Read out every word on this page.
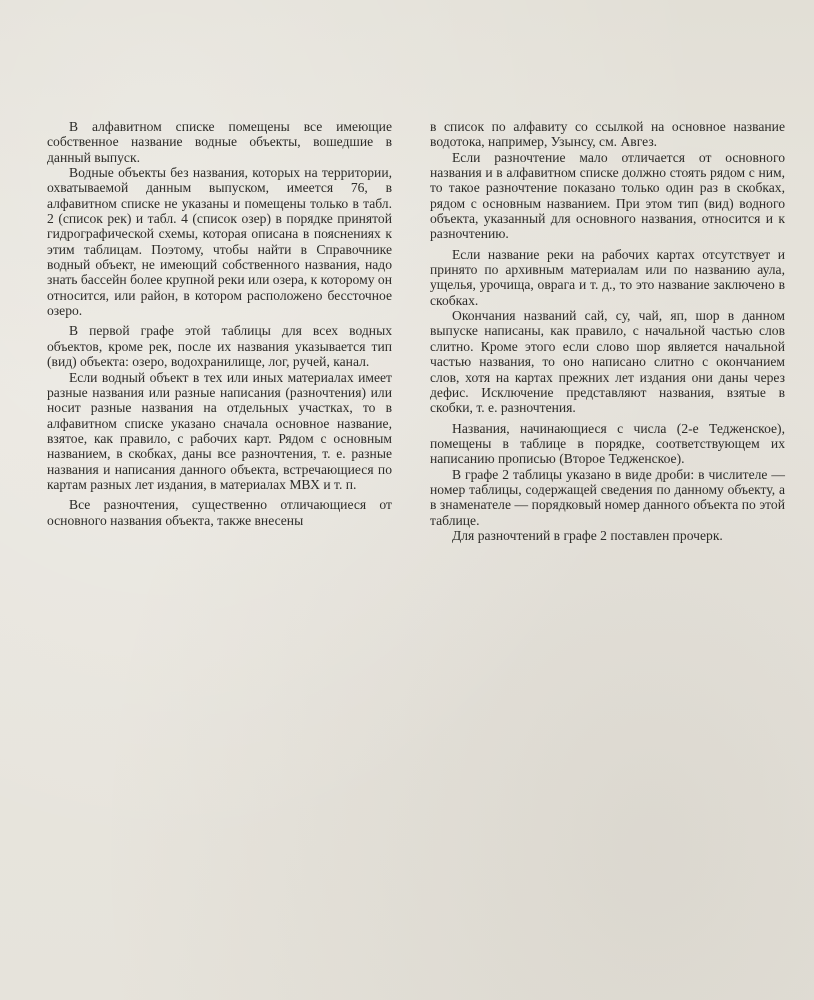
В алфавитном списке помещены все имеющие собственное название водные объекты, вошедшие в данный выпуск.

Водные объекты без названия, которых на территории, охватываемой данным выпуском, имеется 76, в алфавитном списке не указаны и помещены только в табл. 2 (список рек) и табл. 4 (список озер) в порядке принятой гидрографической схемы, которая описана в пояснениях к этим таблицам. Поэтому, чтобы найти в Справочнике водный объект, не имеющий собственного названия, надо знать бассейн более крупной реки или озера, к которому он относится, или район, в котором расположено бессточное озеро.

В первой графе этой таблицы для всех водных объектов, кроме рек, после их названия указывается тип (вид) объекта: озеро, водохранилище, лог, ручей, канал.

Если водный объект в тех или иных материалах имеет разные названия или разные написания (разночтения) или носит разные названия на отдельных участках, то в алфавитном списке указано сначала основное название, взятое, как правило, с рабочих карт. Рядом с основным названием, в скобках, даны все разночтения, т. е. разные названия и написания данного объекта, встречающиеся по картам разных лет издания, в материалах МВХ и т. п.

Все разночтения, существенно отличающиеся от основного названия объекта, также внесены

в список по алфавиту со ссылкой на основное название водотока, например, Узынсу, см. Авгез.

Если разночтение мало отличается от основного названия и в алфавитном списке должно стоять рядом с ним, то такое разночтение показано только один раз в скобках, рядом с основным названием. При этом тип (вид) водного объекта, указанный для основного названия, относится и к разночтению.

Если название реки на рабочих картах отсутствует и принято по архивным материалам или по названию аула, ущелья, урочища, оврага и т. д., то это название заключено в скобках.

Окончания названий сай, су, чай, яп, шор в данном выпуске написаны, как правило, с начальной частью слов слитно. Кроме этого если слово шор является начальной частью названия, то оно написано слитно с окончанием слов, хотя на картах прежних лет издания они даны через дефис. Исключение представляют названия, взятые в скобки, т. е. разночтения.

Названия, начинающиеся с числа (2-е Тедженское), помещены в таблице в порядке, соответствующем их написанию прописью (Второе Тедженское).

В графе 2 таблицы указано в виде дроби: в числителе — номер таблицы, содержащей сведения по данному объекту, а в знаменателе — порядковый номер данного объекта по этой таблице.

Для разночтений в графе 2 поставлен прочерк.
